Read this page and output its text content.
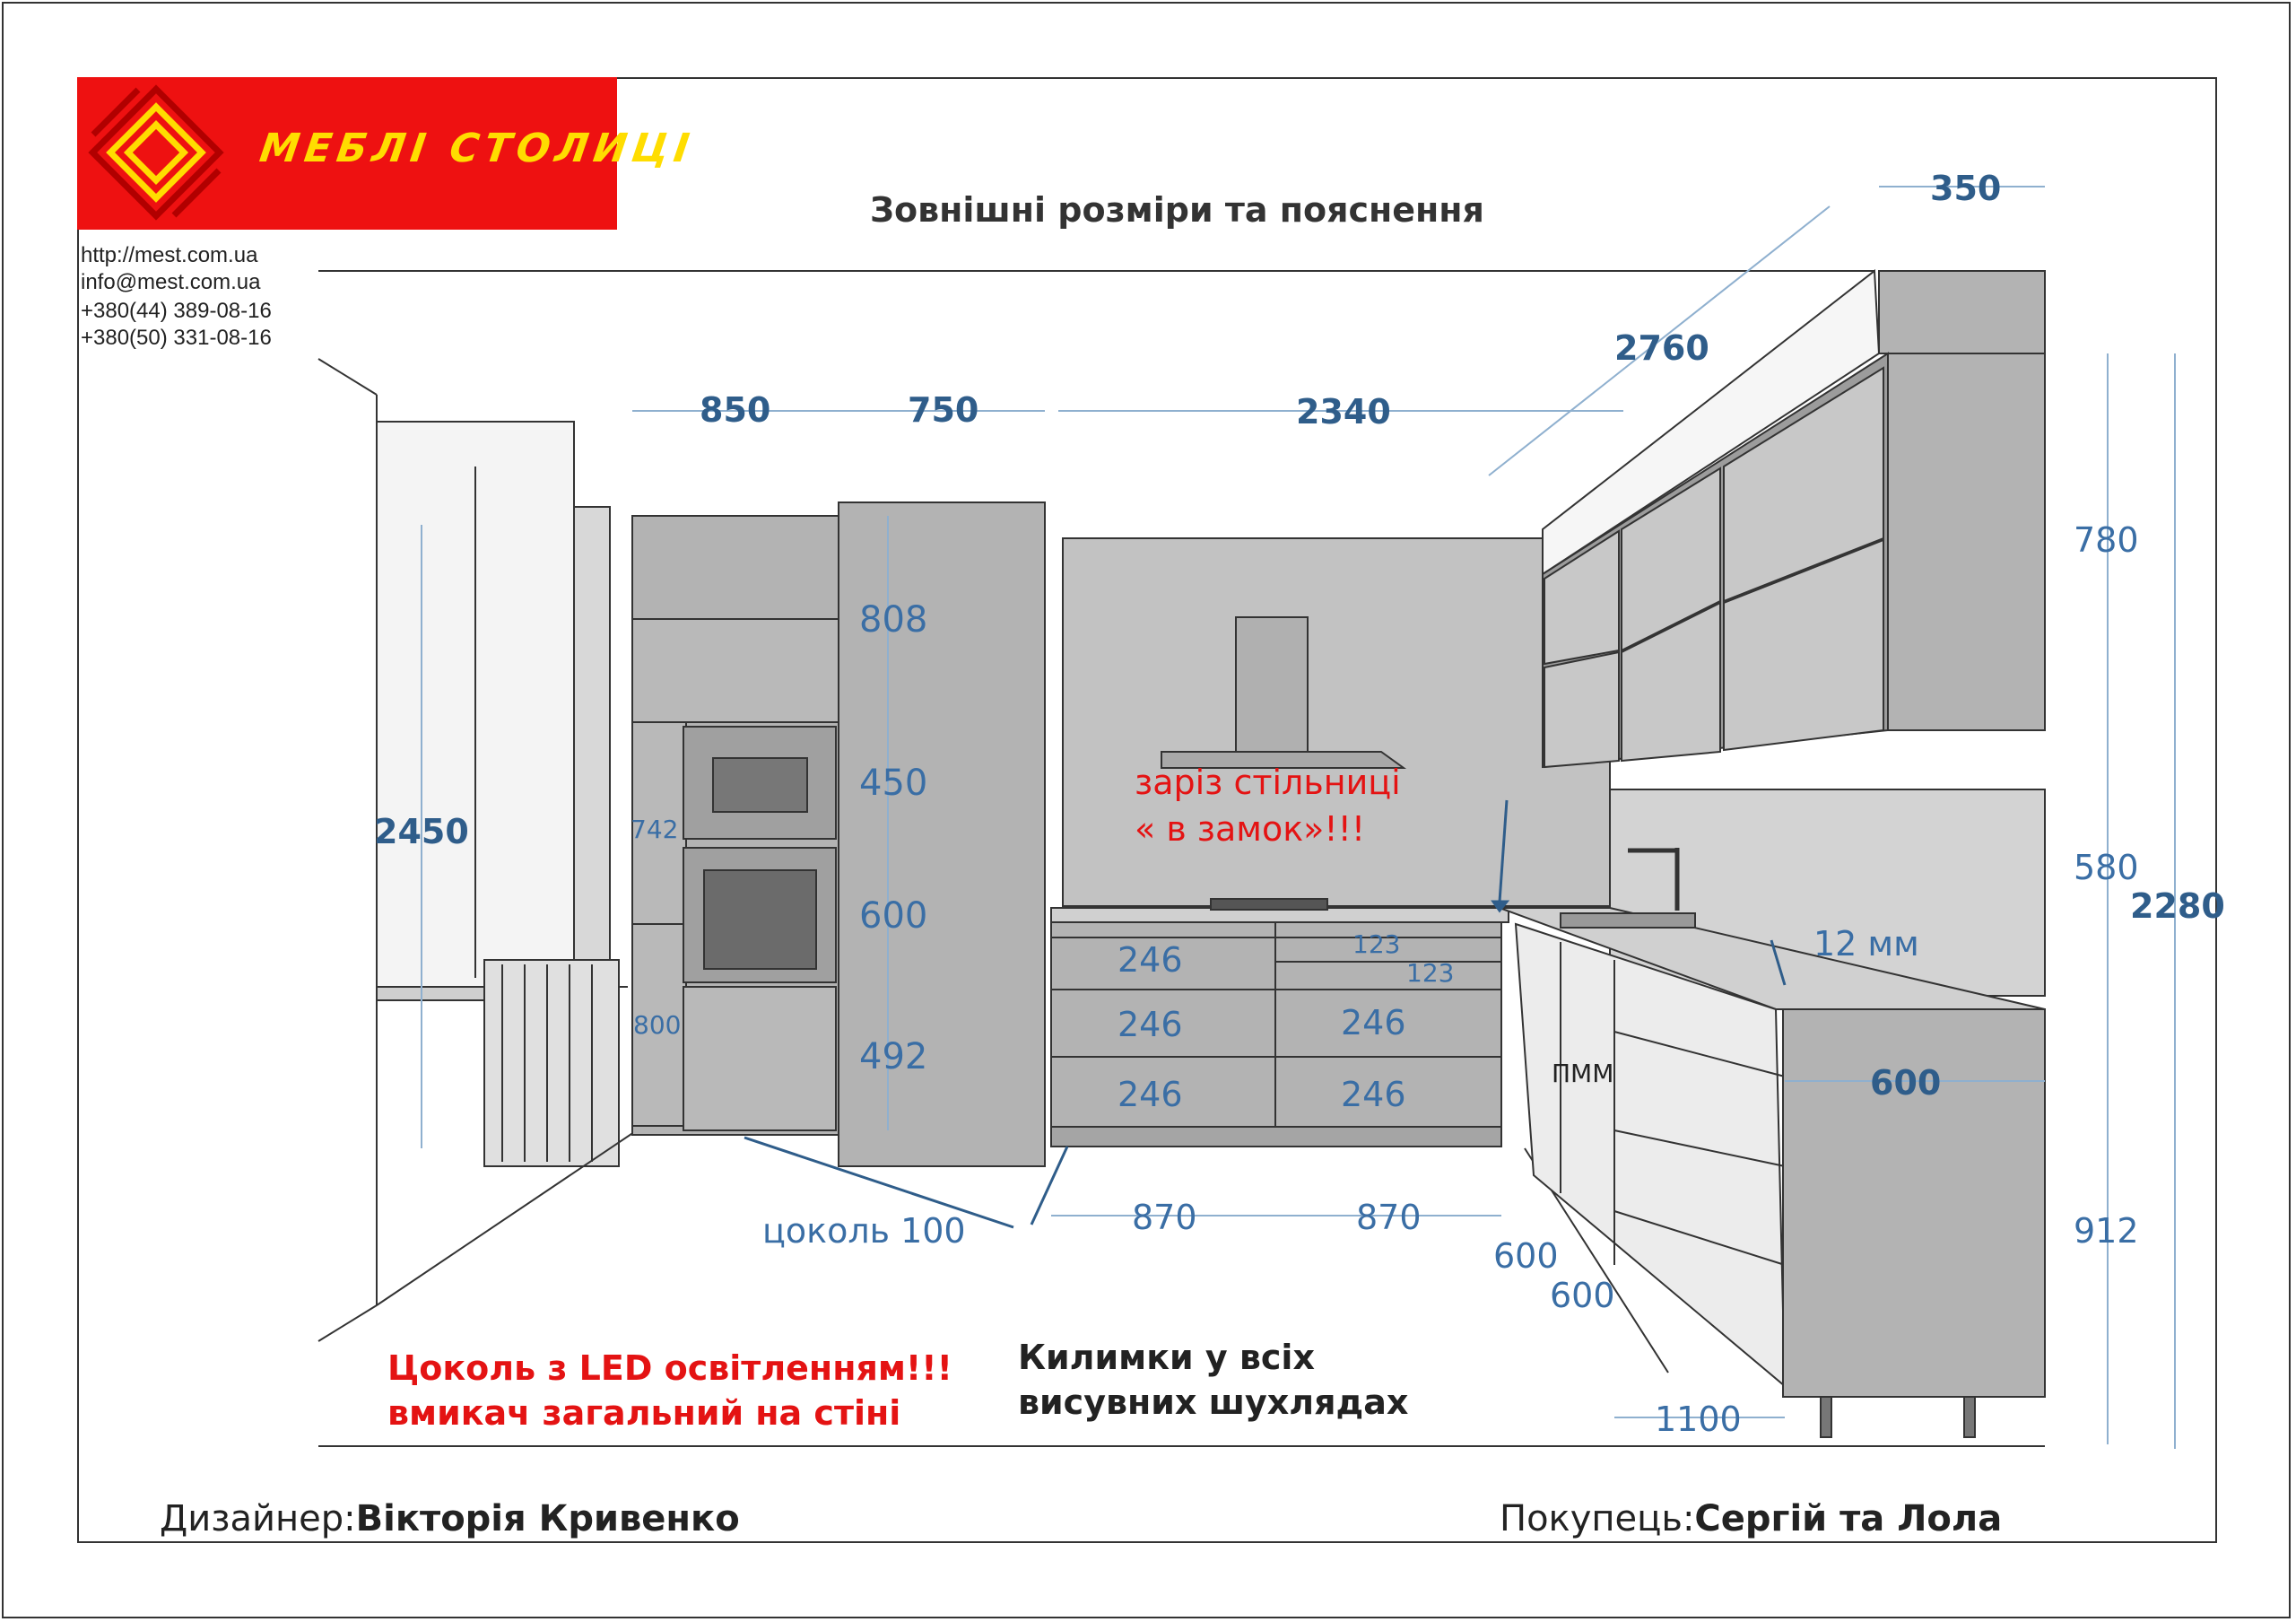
МЕБЛІ СТОЛИЦІ
http://mest.com.ua
info@mest.com.ua
+380(44) 389-08-16
+380(50) 331-08-16
Зовнішні розміри та пояснення
850	750	2340
2760
350
2450
808
450
600
492
742
800
246
246
246
246
246
123
123
870	870
780
580
912
2280
600
600
600
1100
12 мм
ПММ
цоколь 100
заріз стільниці
« в замок»!!!
Цоколь з LED освітленням!!!
вмикач загальний на стіні
Килимки у всіх
висувних шухлядах
Дизайнер:Вікторія Кривенко	Покупець:Сергій та Лола
